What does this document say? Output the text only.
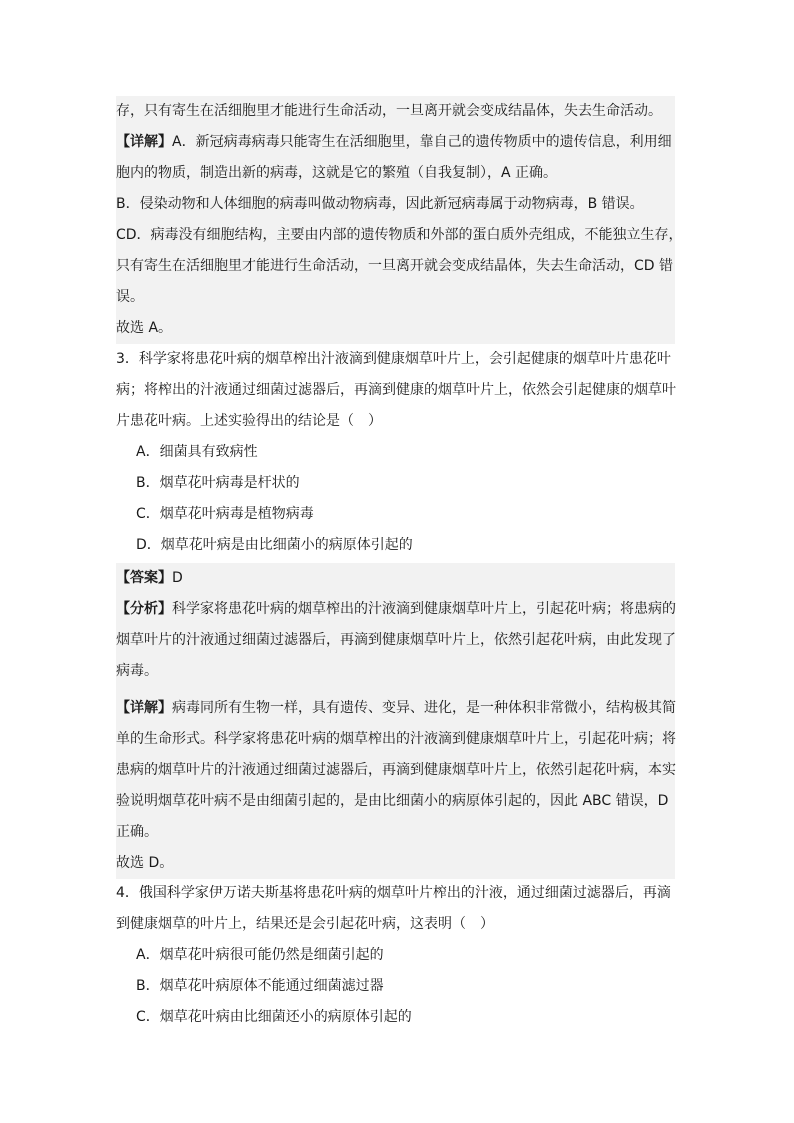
存，只有寄生在活细胞里才能进行生命活动，一旦离开就会变成结晶体，失去生命活动。
【详解】A．新冠病毒病毒只能寄生在活细胞里，靠自己的遗传物质中的遗传信息，利用细
胞内的物质，制造出新的病毒，这就是它的繁殖（自我复制），A 正确。
B．侵染动物和人体细胞的病毒叫做动物病毒，因此新冠病毒属于动物病毒，B 错误。
CD．病毒没有细胞结构，主要由内部的遗传物质和外部的蛋白质外壳组成，不能独立生存，
只有寄生在活细胞里才能进行生命活动，一旦离开就会变成结晶体，失去生命活动，CD 错
误。
故选 A。
3．科学家将患花叶病的烟草榨出汁液滴到健康烟草叶片上，会引起健康的烟草叶片患花叶
病；将榨出的汁液通过细菌过滤器后，再滴到健康的烟草叶片上，依然会引起健康的烟草叶
片患花叶病。上述实验得出的结论是（　）
A．细菌具有致病性
B．烟草花叶病毒是杆状的
C．烟草花叶病毒是植物病毒
D．烟草花叶病是由比细菌小的病原体引起的
【答案】D
【分析】科学家将患花叶病的烟草榨出的汁液滴到健康烟草叶片上，引起花叶病；将患病的
烟草叶片的汁液通过细菌过滤器后，再滴到健康烟草叶片上，依然引起花叶病，由此发现了
病毒。
【详解】病毒同所有生物一样，具有遗传、变异、进化，是一种体积非常微小，结构极其简
单的生命形式。科学家将患花叶病的烟草榨出的汁液滴到健康烟草叶片上，引起花叶病；将
患病的烟草叶片的汁液通过细菌过滤器后，再滴到健康烟草叶片上，依然引起花叶病，本实
验说明烟草花叶病不是由细菌引起的，是由比细菌小的病原体引起的，因此 ABC 错误，D
正确。
故选 D。
4．俄国科学家伊万诺夫斯基将患花叶病的烟草叶片榨出的汁液，通过细菌过滤器后，再滴
到健康烟草的叶片上，结果还是会引起花叶病，这表明（　）
A．烟草花叶病很可能仍然是细菌引起的
B．烟草花叶病原体不能通过细菌滤过器
C．烟草花叶病由比细菌还小的病原体引起的
